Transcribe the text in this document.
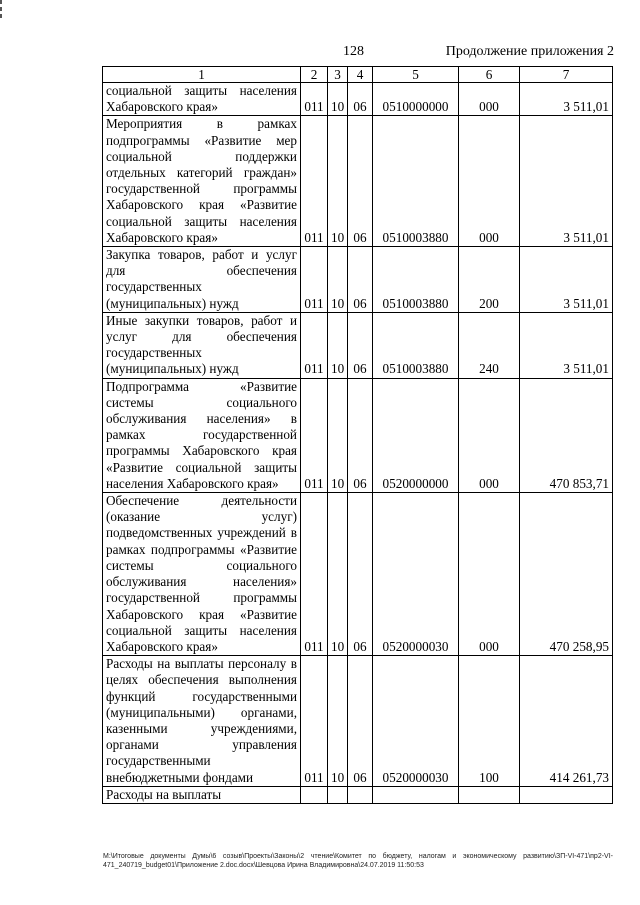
128	Продолжение приложения 2
1	2	3	4	5	6	7
социальной защиты населения Хабаровского края»	011	10	06	0510000000	000	3 511,01
Мероприятия в рамках подпрограммы «Развитие мер социальной поддержки отдельных категорий граждан» государственной программы Хабаровского края «Развитие социальной защиты населения Хабаровского края»	011	10	06	0510003880	000	3 511,01
Закупка товаров, работ и услуг для обеспечения государственных (муниципальных) нужд	011	10	06	0510003880	200	3 511,01
Иные закупки товаров, работ и услуг для обеспечения государственных (муниципальных) нужд	011	10	06	0510003880	240	3 511,01
Подпрограмма «Развитие системы социального обслуживания населения» в рамках государственной программы Хабаровского края «Развитие социальной защиты населения Хабаровского края»	011	10	06	0520000000	000	470 853,71
Обеспечение деятельности (оказание услуг) подведомственных учреждений в рамках подпрограммы «Развитие системы социального обслуживания населения» государственной программы Хабаровского края «Развитие социальной защиты населения Хабаровского края»	011	10	06	0520000030	000	470 258,95
Расходы на выплаты персоналу в целях обеспечения выполнения функций государственными (муниципальными) органами, казенными учреждениями, органами управления государственными внебюджетными фондами	011	10	06	0520000030	100	414 261,73
Расходы на выплаты						
М:\Итоговые документы Думы\6 созыв\Проекты\Законы\2 чтение\Комитет по бюджету, налогам и экономическому развитию\ЗП-VI-471\пр2-VI-471_240719_budget01\Приложение 2.doc.docx\Шевцова Ирина Владимировна\24.07.2019 11:50:53
